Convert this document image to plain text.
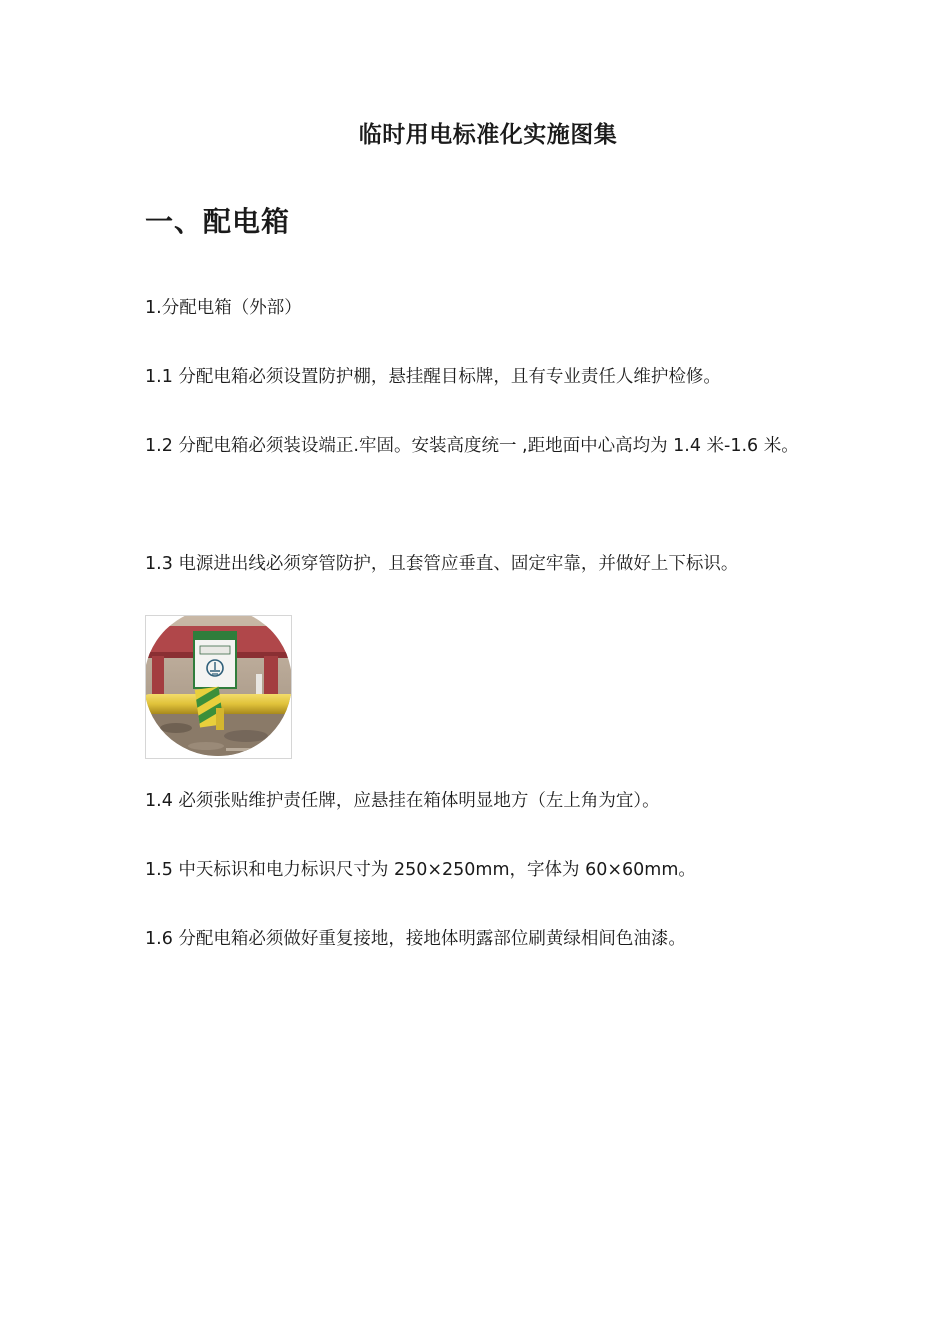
临时用电标准化实施图集
一、配电箱
1.分配电箱（外部）
1.1 分配电箱必须设置防护棚，悬挂醒目标牌，且有专业责任人维护检修。
1.2 分配电箱必须装设端正.牢固。安装高度统一 ,距地面中心高均为 1.4 米-1.6 米。
1.3 电源进出线必须穿管防护，且套管应垂直、固定牢靠，并做好上下标识。
1.4 必须张贴维护责任牌，应悬挂在箱体明显地方（左上角为宜）。
1.5 中天标识和电力标识尺寸为 250×250mm，字体为 60×60mm。
1.6 分配电箱必须做好重复接地，接地体明露部位刷黄绿相间色油漆。
